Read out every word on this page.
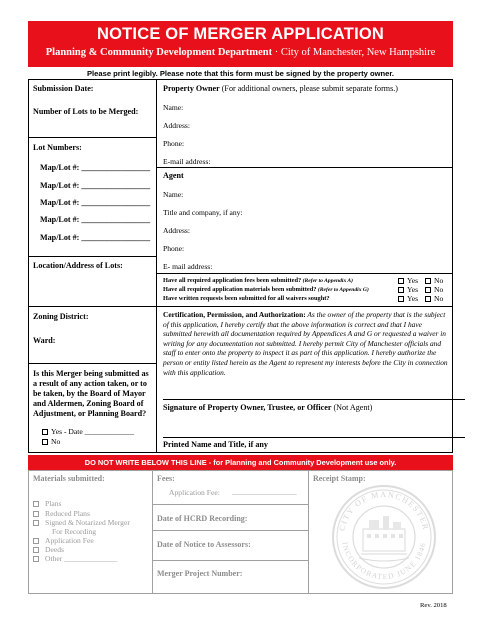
NOTICE OF MERGER APPLICATION
Planning & Community Development Department · City of Manchester, New Hampshire
Please print legibly. Please note that this form must be signed by the property owner.
Submission Date:
Number of Lots to be Merged:
Lot Numbers:
Map/Lot #: _________________
Map/Lot #: _________________
Map/Lot #: _________________
Map/Lot #: _________________
Map/Lot #: _________________
Location/Address of Lots:
Zoning District:
Ward:
Is this Merger being submitted as a result of any action taken, or to be taken, by the Board of Mayor and Aldermen, Zoning Board of Adjustment, or Planning Board?
Yes - Date _____________
No
Property Owner (For additional owners, please submit separate forms.)
Name:
Address:
Phone:
E-mail address:
Agent
Name:
Title and company, if any:
Address:
Phone:
E- mail address:
Have all required application fees been submitted? (Refer to Appendix A)	Yes	No
Have all required application materials been submitted? (Refer to Appendix G)	Yes	No
Have written requests been submitted for all waivers sought?	Yes	No
Certification, Permission, and Authorization: As the owner of the property that is the subject of this application, I hereby certify that the above information is correct and that I have submitted herewith all documentation required by Appendices A and G or requested a waiver in writing for any documentation not submitted. I hereby permit City of Manchester officials and staff to enter onto the property to inspect it as part of this application. I hereby authorize the person or entity listed herein as the Agent to represent my interests before the City in connection with this application.
Signature of Property Owner, Trustee, or Officer (Not Agent)
Printed Name and Title, if any
DO NOT WRITE BELOW THIS LINE - for Planning and Community Development use only.
Materials submitted:
Plans
Reduced Plans
Signed & Notarized Merger
For Recording
Application Fee
Deeds
Other ______________
Fees:
Application Fee: _________________
Date of HCRD Recording:
Date of Notice to Assessors:
Merger Project Number:
Receipt Stamp:
CITY OF MANCHESTER
INCORPORATED JUNE 1846
Rev. 2018
